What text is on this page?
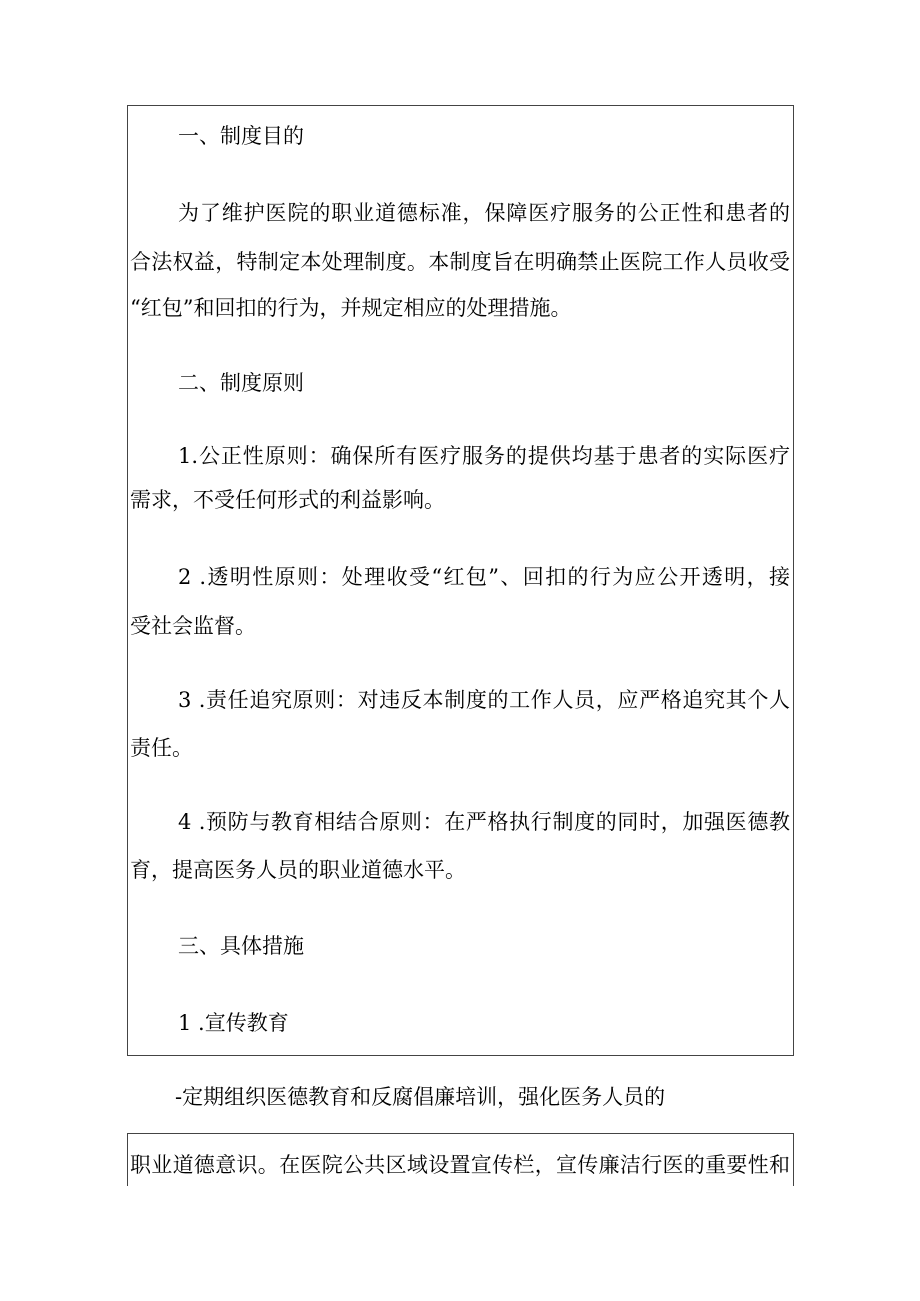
一、制度目的
为了维护医院的职业道德标准，保障医疗服务的公正性和患者的
合法权益，特制定本处理制度。本制度旨在明确禁止医院工作人员收受
“红包”和回扣的行为，并规定相应的处理措施。
二、制度原则
1.公正性原则：确保所有医疗服务的提供均基于患者的实际医疗
需求，不受任何形式的利益影响。
2 .透明性原则：处理收受“红包”、回扣的行为应公开透明，接
受社会监督。
3 .责任追究原则：对违反本制度的工作人员，应严格追究其个人
责任。
4 .预防与教育相结合原则：在严格执行制度的同时，加强医德教
育，提高医务人员的职业道德水平。
三、具体措施
1 .宣传教育
-定期组织医德教育和反腐倡廉培训，强化医务人员的
职业道德意识。在医院公共区域设置宣传栏，宣传廉洁行医的重要性和
